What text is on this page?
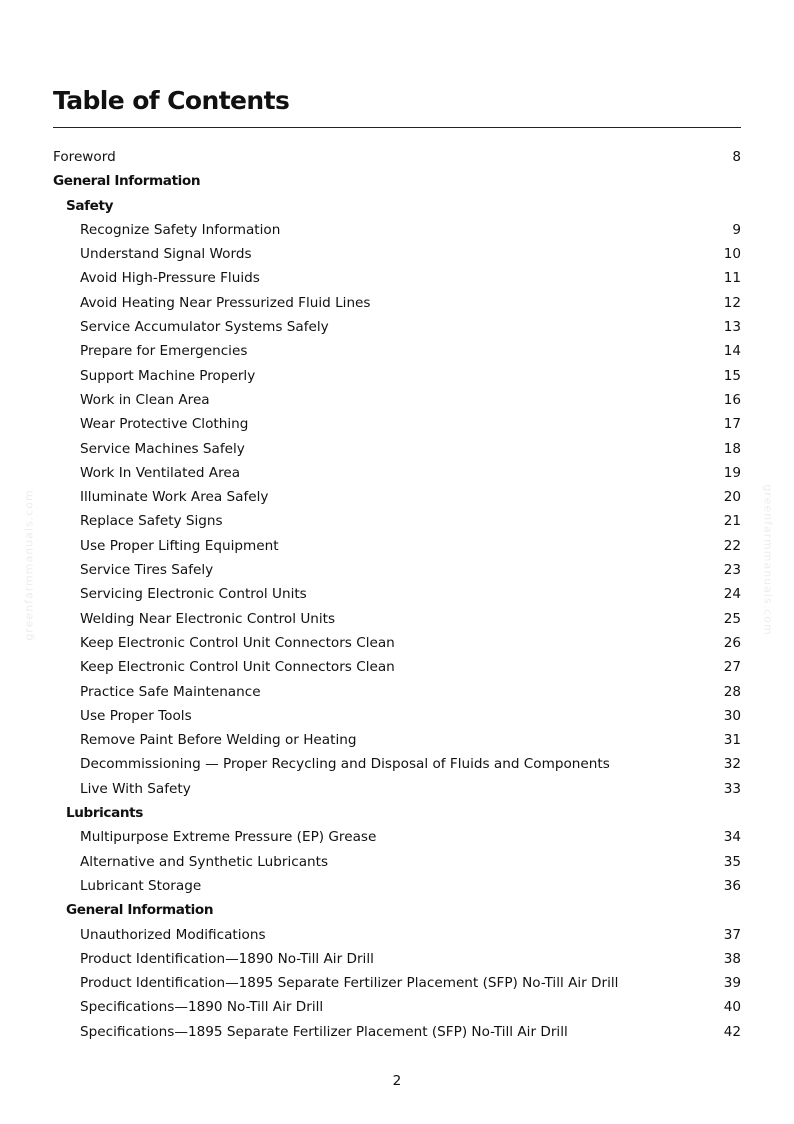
Table of Contents
Foreword	8
General Information
Safety
Recognize Safety Information	9
Understand Signal Words	10
Avoid High-Pressure Fluids	11
Avoid Heating Near Pressurized Fluid Lines	12
Service Accumulator Systems Safely	13
Prepare for Emergencies	14
Support Machine Properly	15
Work in Clean Area	16
Wear Protective Clothing	17
Service Machines Safely	18
Work In Ventilated Area	19
Illuminate Work Area Safely	20
Replace Safety Signs	21
Use Proper Lifting Equipment	22
Service Tires Safely	23
Servicing Electronic Control Units	24
Welding Near Electronic Control Units	25
Keep Electronic Control Unit Connectors Clean	26
Keep Electronic Control Unit Connectors Clean	27
Practice Safe Maintenance	28
Use Proper Tools	30
Remove Paint Before Welding or Heating	31
Decommissioning — Proper Recycling and Disposal of Fluids and Components	32
Live With Safety	33
Lubricants
Multipurpose Extreme Pressure (EP) Grease	34
Alternative and Synthetic Lubricants	35
Lubricant Storage	36
General Information
Unauthorized Modifications	37
Product Identification—1890 No-Till Air Drill	38
Product Identification—1895 Separate Fertilizer Placement (SFP) No-Till Air Drill	39
Specifications—1890 No-Till Air Drill	40
Specifications—1895 Separate Fertilizer Placement (SFP) No-Till Air Drill	42
2
greenfarmmanuals.com	greenfarmmanuals.com
